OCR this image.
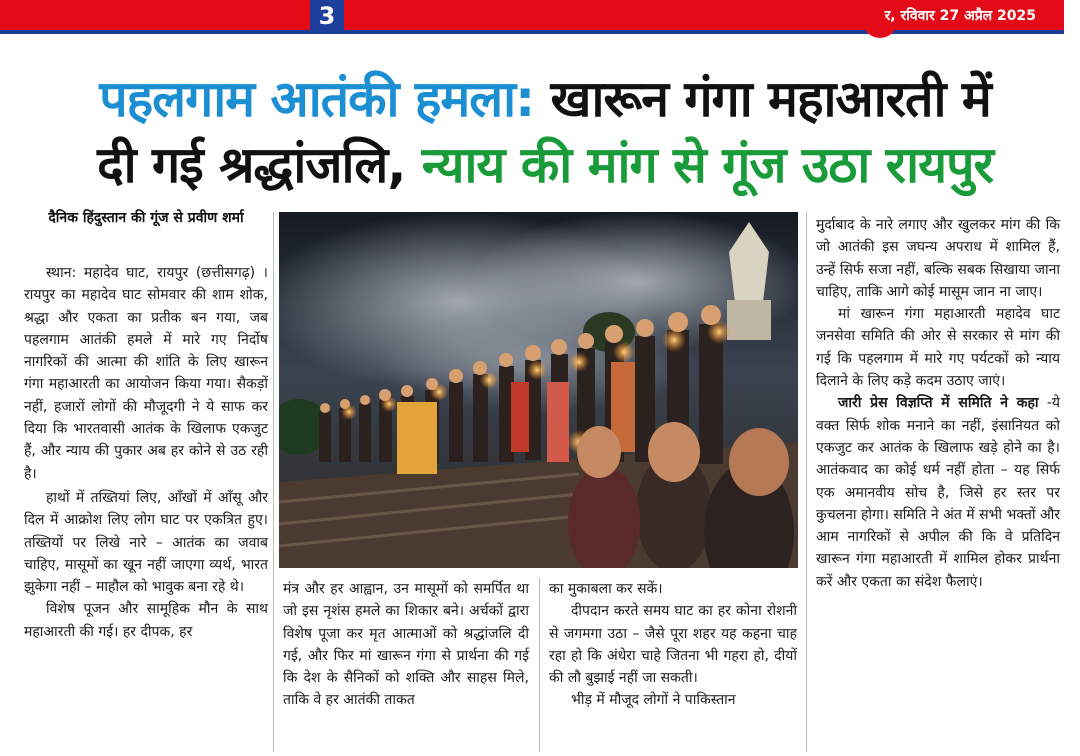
3	र, रविवार 27 अप्रैल 2025
पहलगाम आतंकी हमला: खारून गंगा महाआरती में
दी गई श्रद्धांजलि, न्याय की मांग से गूंज उठा रायपुर
दैनिक हिंदुस्तान की गूंज से प्रवीण शर्मा

स्थान: महादेव घाट, रायपुर (छत्तीसगढ़) । रायपुर का महादेव घाट सोमवार की शाम शोक, श्रद्धा और एकता का प्रतीक बन गया, जब पहलगाम आतंकी हमले में मारे गए निर्दोष नागरिकों की आत्मा की शांति के लिए खारून गंगा महाआरती का आयोजन किया गया। सैकड़ों नहीं, हजारों लोगों की मौजूदगी ने ये साफ कर दिया कि भारतवासी आतंक के खिलाफ एकजुट हैं, और न्याय की पुकार अब हर कोने से उठ रही है।

हाथों में तख्तियां लिए, आँखों में आँसू और दिल में आक्रोश लिए लोग घाट पर एकत्रित हुए। तख्तियों पर लिखे नारे – आतंक का जवाब चाहिए, मासूमों का खून नहीं जाएगा व्यर्थ, भारत झुकेगा नहीं – माहौल को भावुक बना रहे थे।

विशेष पूजन और सामूहिक मौन के साथ महाआरती की गई। हर दीपक, हर

मंत्र और हर आह्वान, उन मासूमों को समर्पित था जो इस नृशंस हमले का शिकार बने। अर्चकों द्वारा विशेष पूजा कर मृत आत्माओं को श्रद्धांजलि दी गई, और फिर मां खारून गंगा से प्रार्थना की गई कि देश के सैनिकों को शक्ति और साहस मिले, ताकि वे हर आतंकी ताकत

का मुकाबला कर सकें।

दीपदान करते समय घाट का हर कोना रोशनी से जगमगा उठा – जैसे पूरा शहर यह कहना चाह रहा हो कि अंधेरा चाहे जितना भी गहरा हो, दीयों की लौ बुझाई नहीं जा सकती।

भीड़ में मौजूद लोगों ने पाकिस्तान

मुर्दाबाद के नारे लगाए और खुलकर मांग की कि जो आतंकी इस जघन्य अपराध में शामिल हैं, उन्हें सिर्फ सजा नहीं, बल्कि सबक सिखाया जाना चाहिए, ताकि आगे कोई मासूम जान ना जाए।

मां खारून गंगा महाआरती महादेव घाट जनसेवा समिति की ओर से सरकार से मांग की गई कि पहलगाम में मारे गए पर्यटकों को न्याय दिलाने के लिए कड़े कदम उठाए जाएं।

जारी प्रेस विज्ञप्ति में समिति ने कहा -ये वक्त सिर्फ शोक मनाने का नहीं, इंसानियत को एकजुट कर आतंक के खिलाफ खड़े होने का है। आतंकवाद का कोई धर्म नहीं होता – यह सिर्फ एक अमानवीय सोच है, जिसे हर स्तर पर कुचलना होगा। समिति ने अंत में सभी भक्तों और आम नागरिकों से अपील की कि वे प्रतिदिन खारून गंगा महाआरती में शामिल होकर प्रार्थना करें और एकता का संदेश फैलाएं।
